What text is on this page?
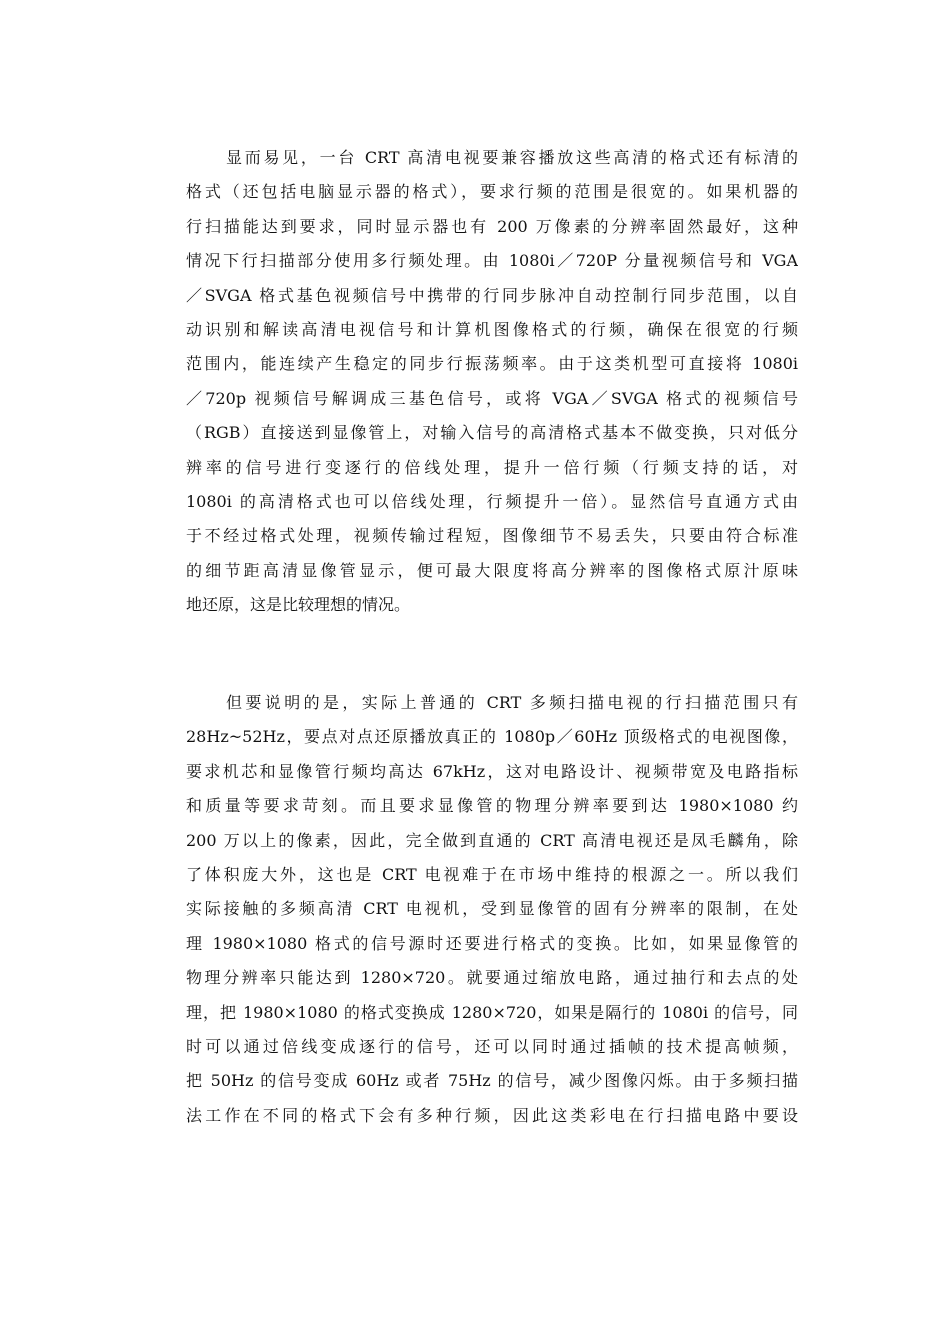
显而易见，一台 CRT 高清电视要兼容播放这些高清的格式还有标清的
格式（还包括电脑显示器的格式），要求行频的范围是很宽的。如果机器的
行扫描能达到要求，同时显示器也有 200 万像素的分辨率固然最好，这种
情况下行扫描部分使用多行频处理。由 1080i／720P 分量视频信号和 VGA
／SVGA 格式基色视频信号中携带的行同步脉冲自动控制行同步范围，以自
动识别和解读高清电视信号和计算机图像格式的行频，确保在很宽的行频
范围内，能连续产生稳定的同步行振荡频率。由于这类机型可直接将 1080i
／720p 视频信号解调成三基色信号，或将 VGA／SVGA 格式的视频信号
（RGB）直接送到显像管上，对输入信号的高清格式基本不做变换，只对低分
辨率的信号进行变逐行的倍线处理，提升一倍行频（行频支持的话，对
1080i 的高清格式也可以倍线处理，行频提升一倍）。显然信号直通方式由
于不经过格式处理，视频传输过程短，图像细节不易丢失，只要由符合标准
的细节距高清显像管显示，便可最大限度将高分辨率的图像格式原汁原味
地还原，这是比较理想的情况。
但要说明的是，实际上普通的 CRT 多频扫描电视的行扫描范围只有
28Hz~52Hz，要点对点还原播放真正的 1080p／60Hz 顶级格式的电视图像，
要求机芯和显像管行频均高达 67kHz，这对电路设计、视频带宽及电路指标
和质量等要求苛刻。而且要求显像管的物理分辨率要到达 1980×1080 约
200 万以上的像素，因此，完全做到直通的 CRT 高清电视还是凤毛麟角，除
了体积庞大外，这也是 CRT 电视难于在市场中维持的根源之一。所以我们
实际接触的多频高清 CRT 电视机，受到显像管的固有分辨率的限制，在处
理 1980×1080 格式的信号源时还要进行格式的变换。比如，如果显像管的
物理分辨率只能达到 1280×720。就要通过缩放电路，通过抽行和去点的处
理，把 1980×1080 的格式变换成 1280×720，如果是隔行的 1080i 的信号，同
时可以通过倍线变成逐行的信号，还可以同时通过插帧的技术提高帧频，
把 50Hz 的信号变成 60Hz 或者 75Hz 的信号，减少图像闪烁。由于多频扫描
法工作在不同的格式下会有多种行频，因此这类彩电在行扫描电路中要设
